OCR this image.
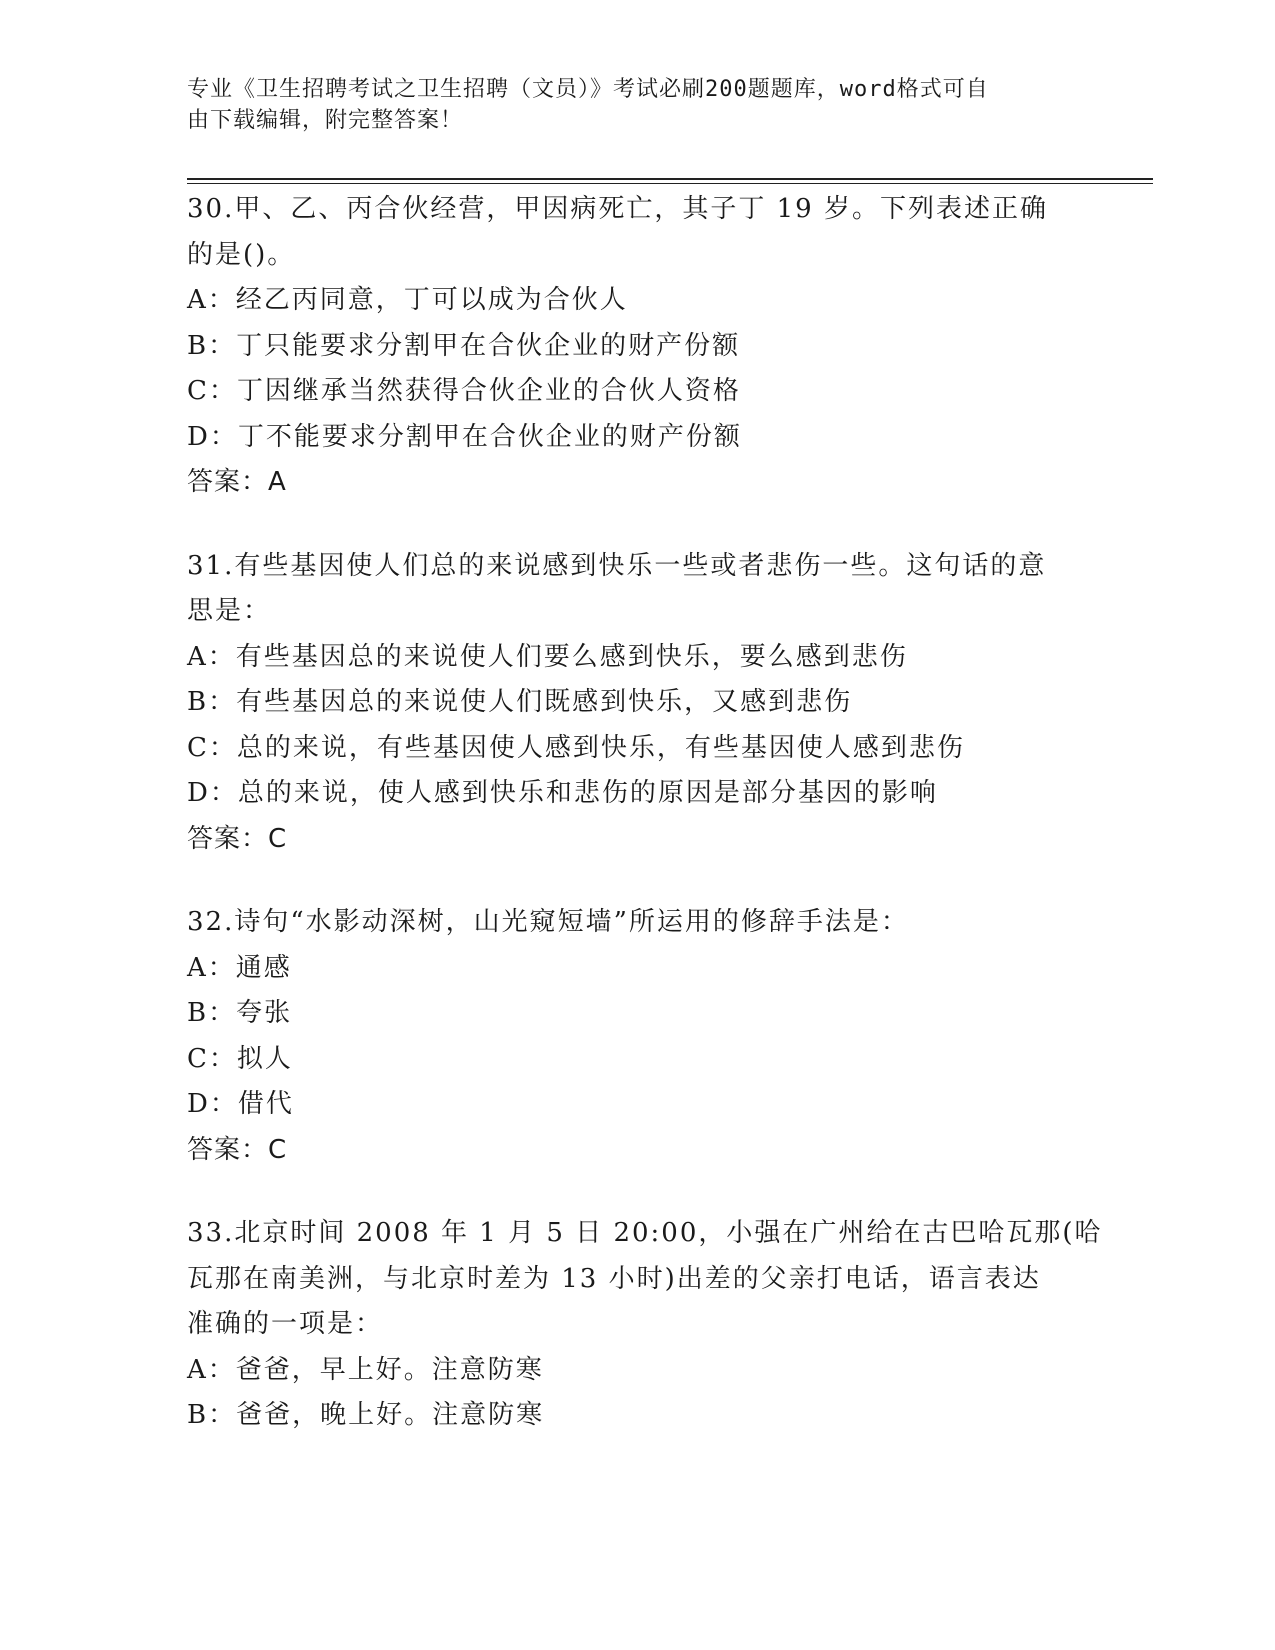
专业《卫生招聘考试之卫生招聘（文员）》考试必刷200题题库，word格式可自
由下载编辑，附完整答案！
30.甲、乙、丙合伙经营，甲因病死亡，其子丁 19 岁。下列表述正确
的是()。
A：经乙丙同意，丁可以成为合伙人
B：丁只能要求分割甲在合伙企业的财产份额
C：丁因继承当然获得合伙企业的合伙人资格
D：丁不能要求分割甲在合伙企业的财产份额
答案：A
31.有些基因使人们总的来说感到快乐一些或者悲伤一些。这句话的意
思是：
A：有些基因总的来说使人们要么感到快乐，要么感到悲伤
B：有些基因总的来说使人们既感到快乐，又感到悲伤
C：总的来说，有些基因使人感到快乐，有些基因使人感到悲伤
D：总的来说，使人感到快乐和悲伤的原因是部分基因的影响
答案：C
32.诗句“水影动深树，山光窥短墙”所运用的修辞手法是：
A：通感
B：夸张
C：拟人
D：借代
答案：C
33.北京时间 2008 年 1 月 5 日 20:00，小强在广州给在古巴哈瓦那(哈
瓦那在南美洲，与北京时差为 13 小时)出差的父亲打电话，语言表达
准确的一项是：
A：爸爸，早上好。注意防寒
B：爸爸，晚上好。注意防寒
